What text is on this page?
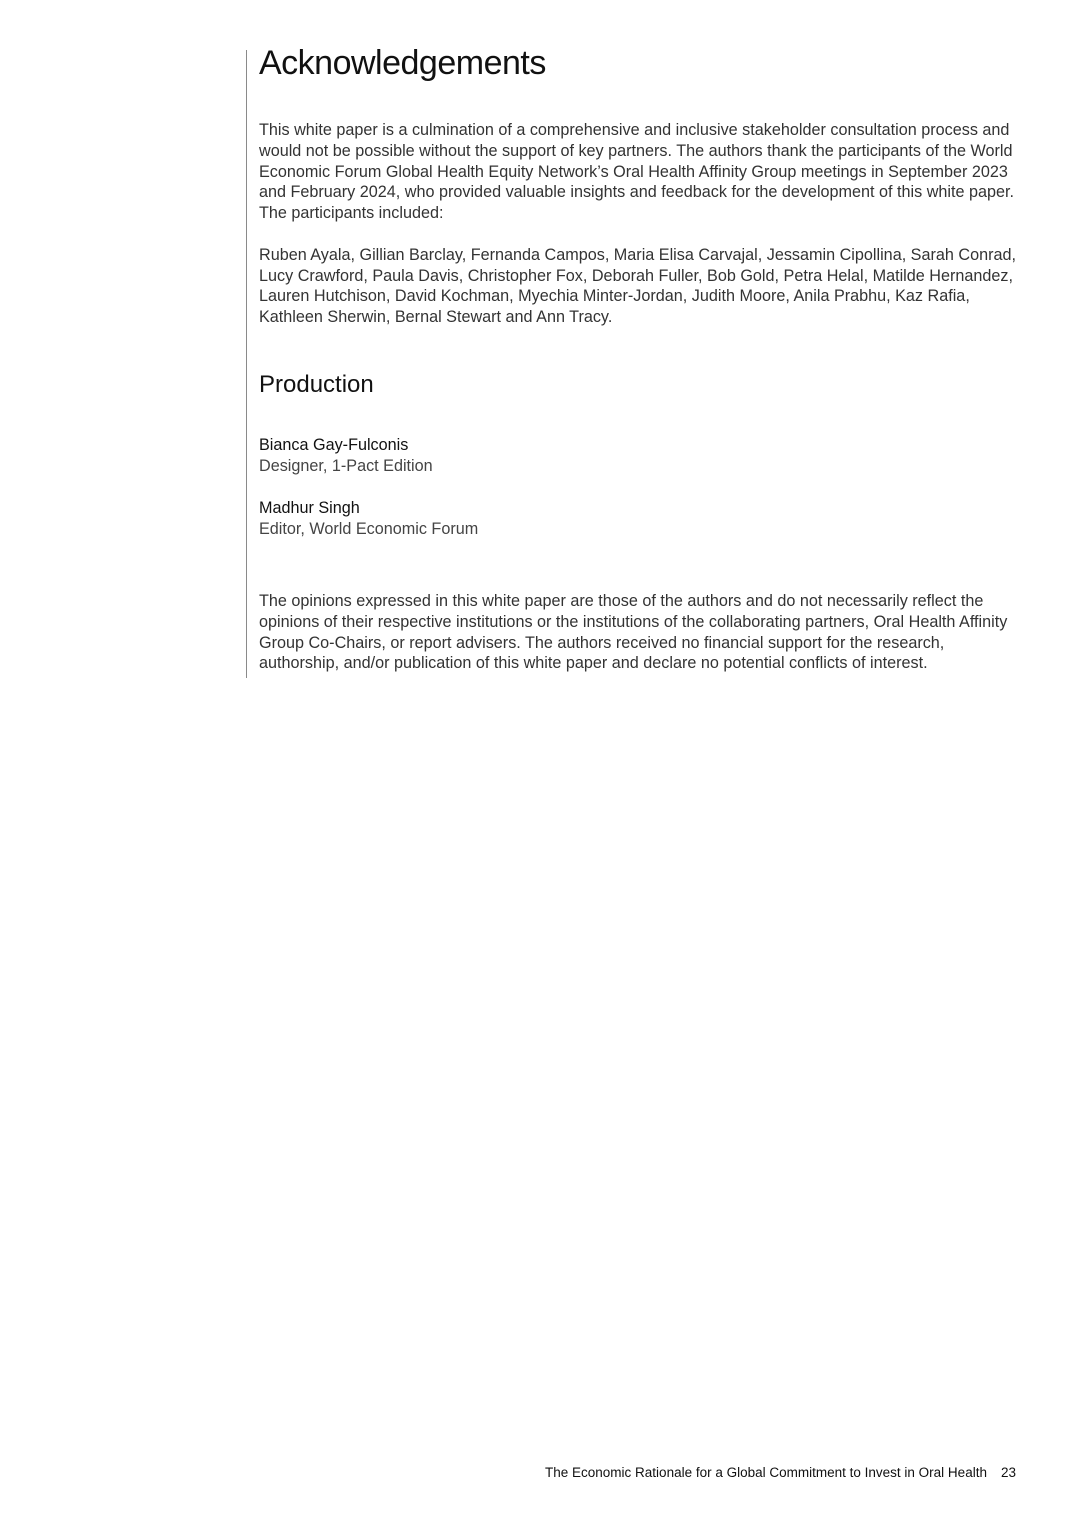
Acknowledgements

This white paper is a culmination of a comprehensive and inclusive stakeholder consultation process and would not be possible without the support of key partners. The authors thank the participants of the World Economic Forum Global Health Equity Network’s Oral Health Affinity Group meetings in September 2023 and February 2024, who provided valuable insights and feedback for the development of this white paper. The participants included:

Ruben Ayala, Gillian Barclay, Fernanda Campos, Maria Elisa Carvajal, Jessamin Cipollina, Sarah Conrad, Lucy Crawford, Paula Davis, Christopher Fox, Deborah Fuller, Bob Gold, Petra Helal, Matilde Hernandez, Lauren Hutchison, David Kochman, Myechia Minter-Jordan, Judith Moore, Anila Prabhu, Kaz Rafia, Kathleen Sherwin, Bernal Stewart and Ann Tracy.

Production
Bianca Gay-Fulconis
Designer, 1-Pact Edition
Madhur Singh
Editor, World Economic Forum

The opinions expressed in this white paper are those of the authors and do not necessarily reflect the opinions of their respective institutions or the institutions of the collaborating partners, Oral Health Affinity Group Co-Chairs, or report advisers. The authors received no financial support for the research, authorship, and/or publication of this white paper and declare no potential conflicts of interest.

The Economic Rationale for a Global Commitment to Invest in Oral Health 23
